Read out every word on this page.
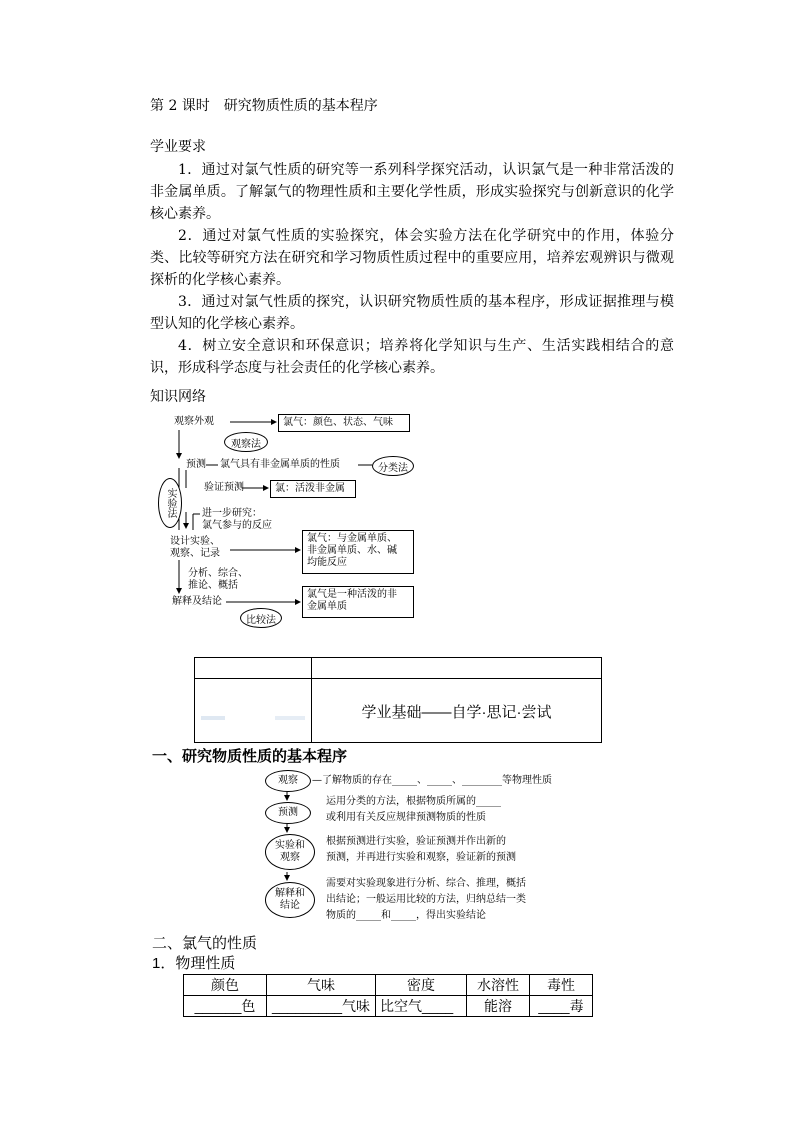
第 2 课时　研究物质性质的基本程序
学业要求
1．通过对氯气性质的研究等一系列科学探究活动，认识氯气是一种非常活泼的非金属单质。了解氯气的物理性质和主要化学性质，形成实验探究与创新意识的化学核心素养。
2．通过对氯气性质的实验探究，体会实验方法在化学研究中的作用，体验分类、比较等研究方法在研究和学习物质性质过程中的重要应用，培养宏观辨识与微观探析的化学核心素养。
3．通过对氯气性质的探究，认识研究物质性质的基本程序，形成证据推理与模型认知的化学核心素养。
4．树立安全意识和环保意识；培养将化学知识与生产、生活实践相结合的意识，形成科学态度与社会责任的化学核心素养。
知识网络
观察外观	氯气：颜色、状态、气味
观察法
预测 氯气具有非金属单质的性质	分类法
实验法
验证预测	氯：活泼非金属
进一步研究：
氯气参与的反应
设计实验、
观察、记录
氯气：与金属单质、
非金属单质、水、碱
均能反应
分析、综合、
推论、概括
解释及结论
氯气是一种活泼的非
金属单质
比较法
学业基础——自学·思记·尝试
一、研究物质性质的基本程序
观察	—了解物质的存在_____、_____、________等物理性质
预测
运用分类的方法，根据物质所属的_____
或利用有关反应规律预测物质的性质
实验和观察
根据预测进行实验，验证预测并作出新的
预测，并再进行实验和观察，验证新的预测
解释和结论
需要对实验现象进行分析、综合、推理，概括
出结论；一般运用比较的方法，归纳总结一类
物质的_____和_____，得出实验结论
二、氯气的性质
1．物理性质
颜色	气味	密度	水溶性	毒性
______色	_________气味	比空气____	能溶	____毒
